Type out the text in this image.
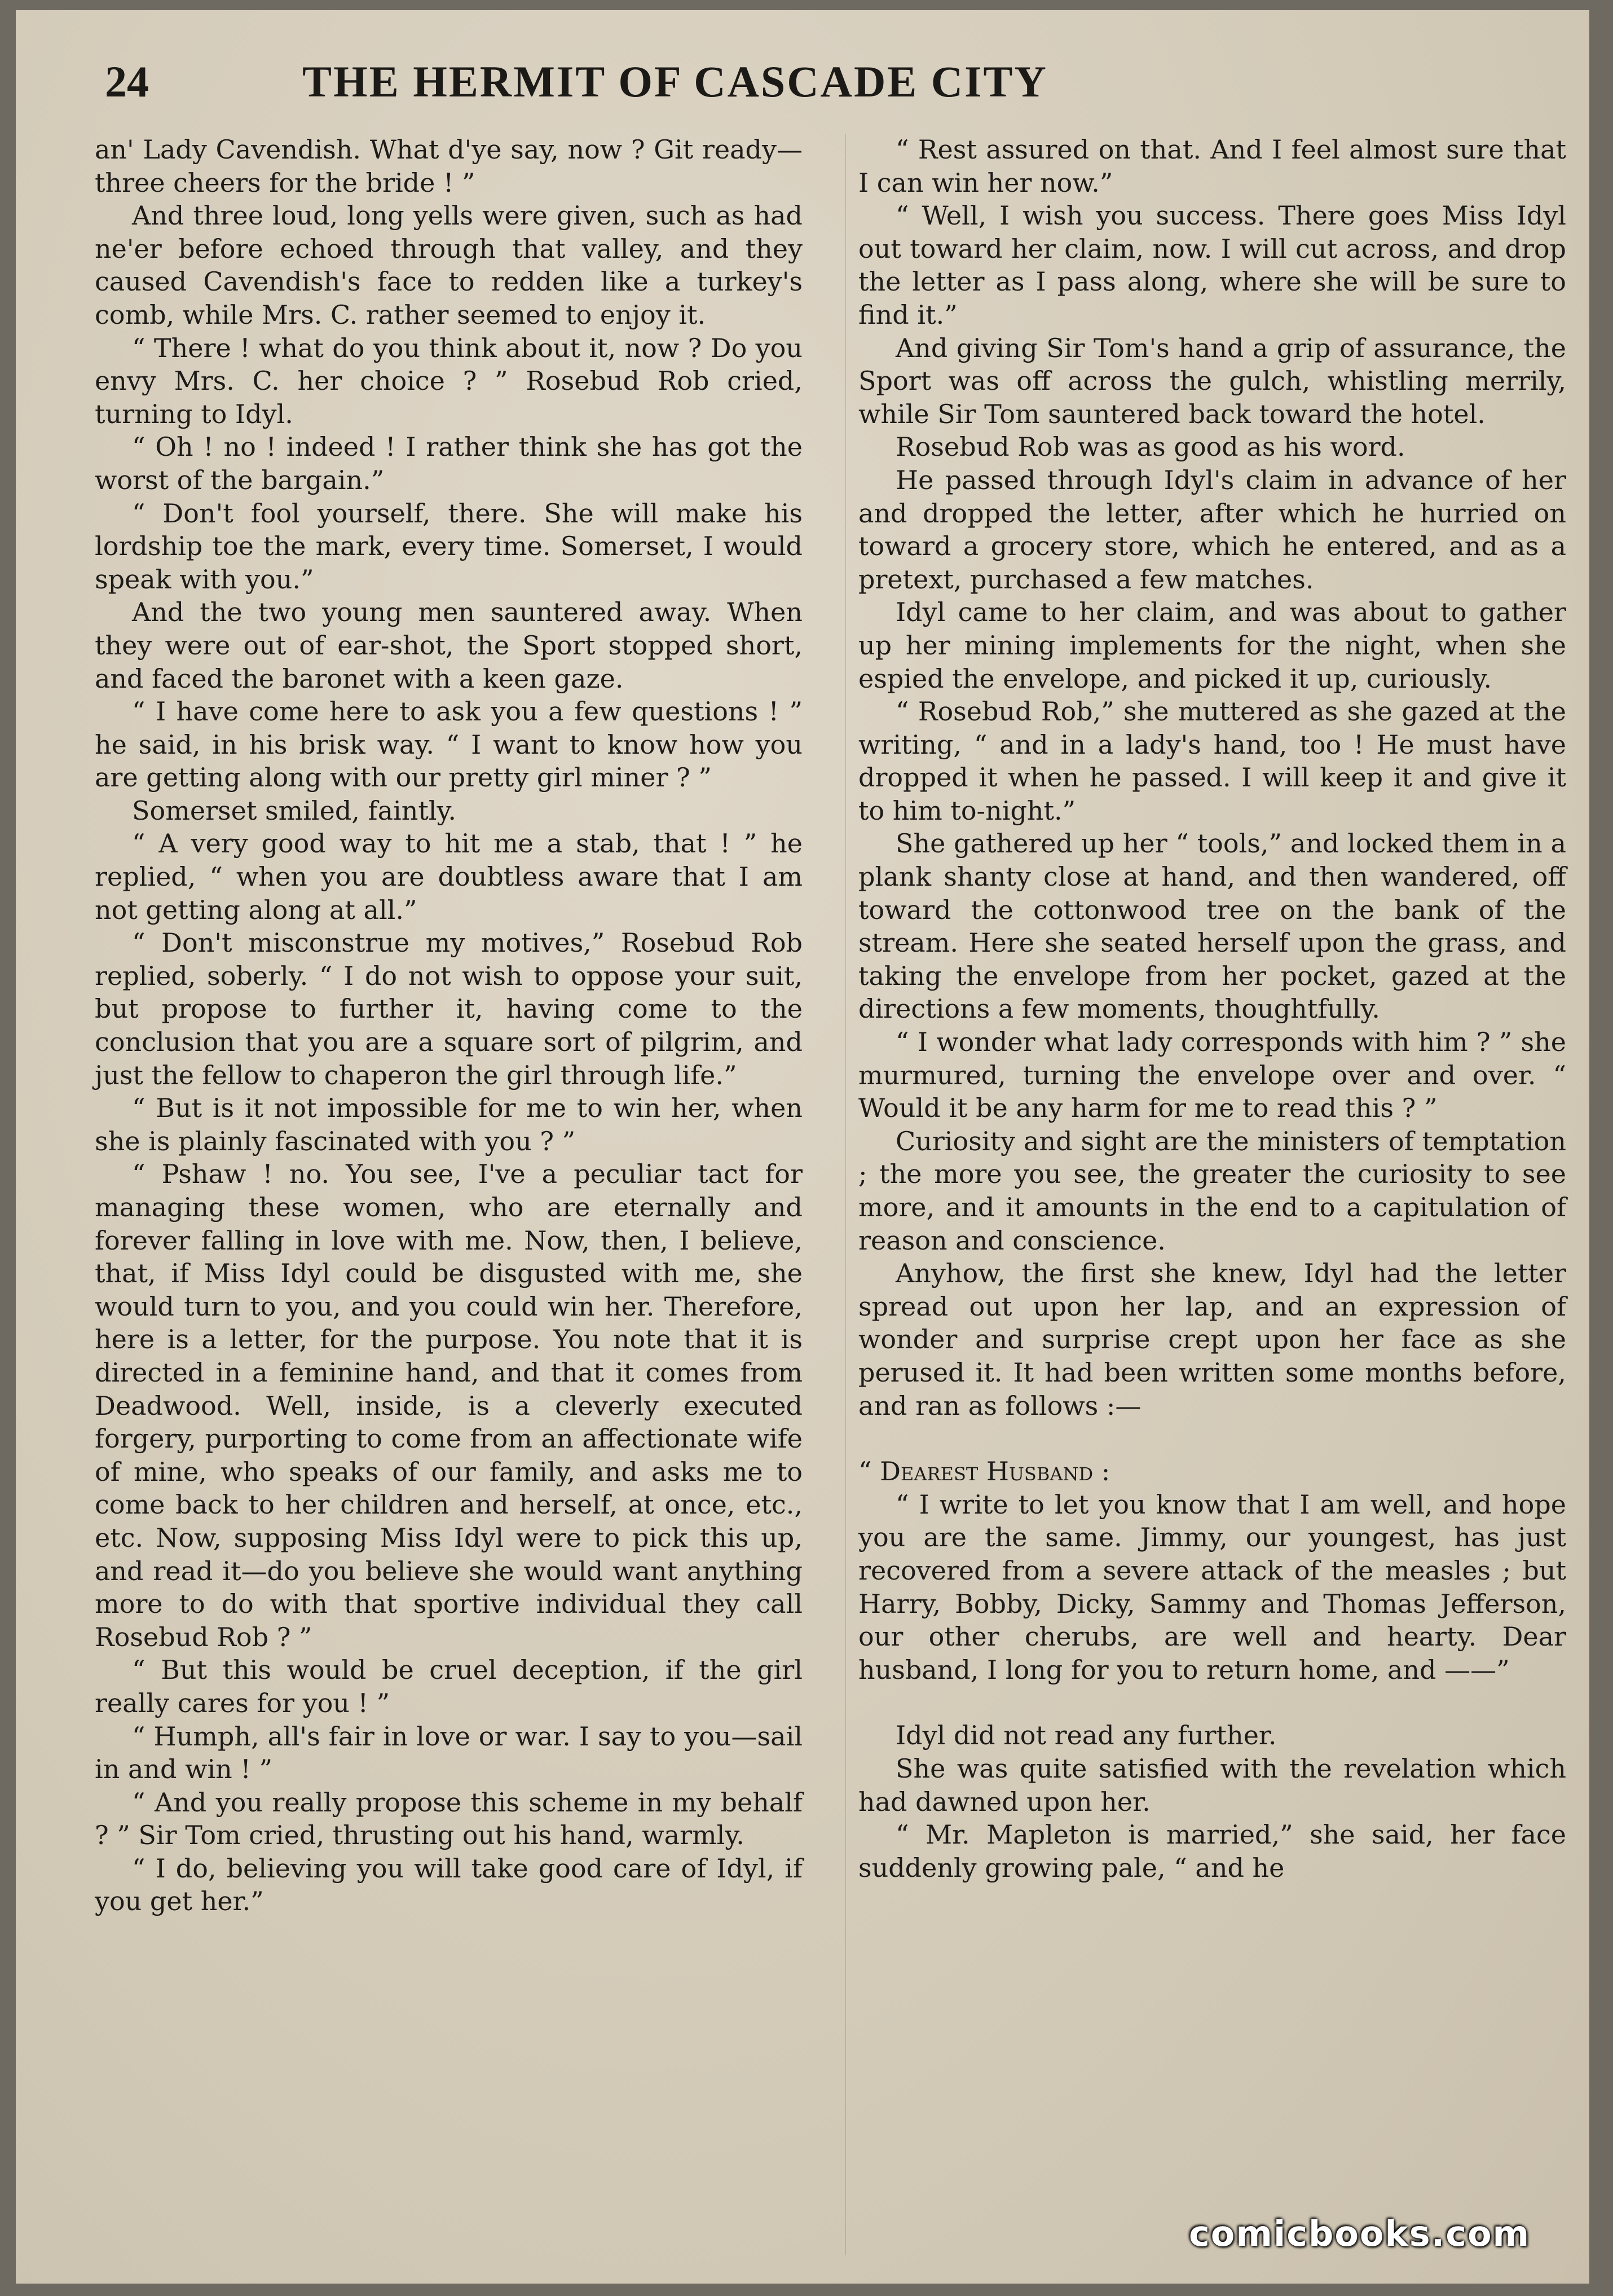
24	THE HERMIT OF CASCADE CITY

an' Lady Cavendish. What d'ye say, now ? Git ready—three cheers for the bride ! ”

And three loud, long yells were given, such as had ne'er before echoed through that valley, and they caused Cavendish's face to redden like a turkey's comb, while Mrs. C. rather seemed to enjoy it.

“ There ! what do you think about it, now ? Do you envy Mrs. C. her choice ? ” Rosebud Rob cried, turning to Idyl.

“ Oh ! no ! indeed ! I rather think she has got the worst of the bargain.”

“ Don't fool yourself, there. She will make his lordship toe the mark, every time. Somerset, I would speak with you.”

And the two young men sauntered away. When they were out of ear-shot, the Sport stopped short, and faced the baronet with a keen gaze.

“ I have come here to ask you a few questions ! ” he said, in his brisk way. “ I want to know how you are getting along with our pretty girl miner ? ”

Somerset smiled, faintly.

“ A very good way to hit me a stab, that ! ” he replied, “ when you are doubtless aware that I am not getting along at all.”

“ Don't misconstrue my motives,” Rosebud Rob replied, soberly. “ I do not wish to oppose your suit, but propose to further it, having come to the conclusion that you are a square sort of pilgrim, and just the fellow to chaperon the girl through life.”

“ But is it not impossible for me to win her, when she is plainly fascinated with you ? ”

“ Pshaw ! no. You see, I've a peculiar tact for managing these women, who are eternally and forever falling in love with me. Now, then, I believe, that, if Miss Idyl could be disgusted with me, she would turn to you, and you could win her. Therefore, here is a letter, for the purpose. You note that it is directed in a feminine hand, and that it comes from Deadwood. Well, inside, is a cleverly executed forgery, purporting to come from an affectionate wife of mine, who speaks of our family, and asks me to come back to her children and herself, at once, etc., etc. Now, supposing Miss Idyl were to pick this up, and read it—do you believe she would want anything more to do with that sportive individual they call Rosebud Rob ? ”

“ But this would be cruel deception, if the girl really cares for you ! ”

“ Humph, all's fair in love or war. I say to you—sail in and win ! ”

“ And you really propose this scheme in my behalf ? ” Sir Tom cried, thrusting out his hand, warmly.

“ I do, believing you will take good care of Idyl, if you get her.”

“ Rest assured on that. And I feel almost sure that I can win her now.”

“ Well, I wish you success. There goes Miss Idyl out toward her claim, now. I will cut across, and drop the letter as I pass along, where she will be sure to find it.”

And giving Sir Tom's hand a grip of assurance, the Sport was off across the gulch, whistling merrily, while Sir Tom sauntered back toward the hotel.

Rosebud Rob was as good as his word.

He passed through Idyl's claim in advance of her and dropped the letter, after which he hurried on toward a grocery store, which he entered, and as a pretext, purchased a few matches.

Idyl came to her claim, and was about to gather up her mining implements for the night, when she espied the envelope, and picked it up, curiously.

“ Rosebud Rob,” she muttered as she gazed at the writing, “ and in a lady's hand, too ! He must have dropped it when he passed. I will keep it and give it to him to-night.”

She gathered up her “ tools,” and locked them in a plank shanty close at hand, and then wandered, off toward the cottonwood tree on the bank of the stream. Here she seated herself upon the grass, and taking the envelope from her pocket, gazed at the directions a few moments, thoughtfully.

“ I wonder what lady corresponds with him ? ” she murmured, turning the envelope over and over. “ Would it be any harm for me to read this ? ”

Curiosity and sight are the ministers of temptation ; the more you see, the greater the curiosity to see more, and it amounts in the end to a capitulation of reason and conscience.

Anyhow, the first she knew, Idyl had the letter spread out upon her lap, and an expression of wonder and surprise crept upon her face as she perused it. It had been written some months before, and ran as follows :—

“ Dearest Husband :

“ I write to let you know that I am well, and hope you are the same. Jimmy, our youngest, has just recovered from a severe attack of the measles ; but Harry, Bobby, Dicky, Sammy and Thomas Jefferson, our other cherubs, are well and hearty. Dear husband, I long for you to return home, and ——”

Idyl did not read any further.

She was quite satisfied with the revelation which had dawned upon her.

“ Mr. Mapleton is married,” she said, her face suddenly growing pale, “ and he

comicbooks.com
